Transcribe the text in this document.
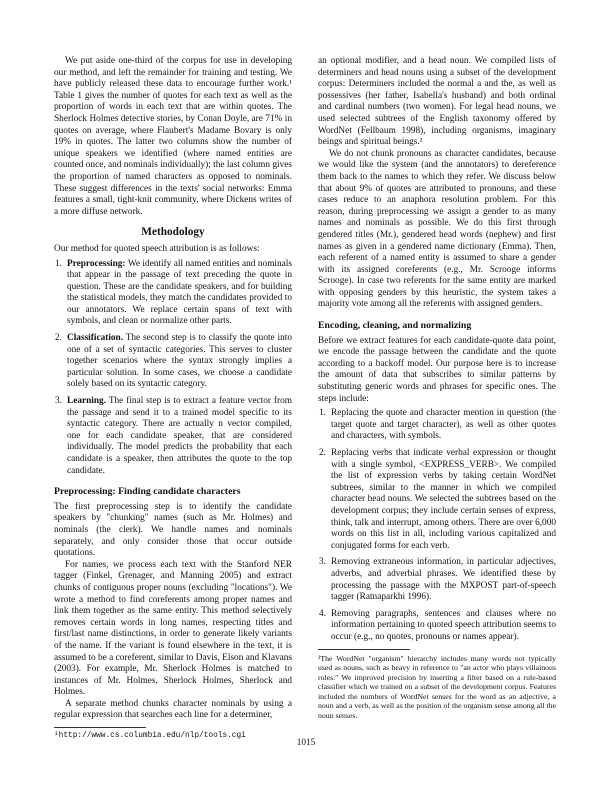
We put aside one-third of the corpus for use in developing our method, and left the remainder for training and testing. We have publicly released these data to encourage further work.¹ Table 1 gives the number of quotes for each text as well as the proportion of words in each text that are within quotes. The Sherlock Holmes detective stories, by Conan Doyle, are 71% in quotes on average, where Flaubert's Madame Bovary is only 19% in quotes. The latter two columns show the number of unique speakers we identified (where named entities are counted once, and nominals individually); the last column gives the proportion of named characters as opposed to nominals. These suggest differences in the texts' social networks: Emma features a small, tight-knit community, where Dickens writes of a more diffuse network.

Methodology

Our method for quoted speech attribution is as follows:

1. Preprocessing: We identify all named entities and nominals that appear in the passage of text preceding the quote in question. These are the candidate speakers, and for building the statistical models, they match the candidates provided to our annotators. We replace certain spans of text with symbols, and clean or normalize other parts.
2. Classification. The second step is to classify the quote into one of a set of syntactic categories. This serves to cluster together scenarios where the syntax strongly implies a particular solution. In some cases, we choose a candidate solely based on its syntactic category.
3. Learning. The final step is to extract a feature vector from the passage and send it to a trained model specific to its syntactic category. There are actually n vector compiled, one for each candidate speaker, that are considered individually. The model predicts the probability that each candidate is a speaker, then attributes the quote to the top candidate.
Preprocessing: Finding candidate characters

The first preprocessing step is to identify the candidate speakers by "chunking" names (such as Mr. Holmes) and nominals (the clerk). We handle names and nominals separately, and only consider those that occur outside quotations.

For names, we process each text with the Stanford NER tagger (Finkel, Grenager, and Manning 2005) and extract chunks of contiguous proper nouns (excluding "locations"). We wrote a method to find coreferents among proper names and link them together as the same entity. This method selectively removes certain words in long names, respecting titles and first/last name distinctions, in order to generate likely variants of the name. If the variant is found elsewhere in the text, it is assumed to be a coreferent, similar to Davis, Elson and Klavans (2003). For example, Mr. Sherlock Holmes is matched to instances of Mr. Holmes, Sherlock Holmes, Sherlock and Holmes.

A separate method chunks character nominals by using a regular expression that searches each line for a determiner,

¹http://www.cs.columbia.edu/nlp/tools.cgi

an optional modifier, and a head noun. We compiled lists of determiners and head nouns using a subset of the development corpus: Determiners included the normal a and the, as well as possessives (her father, Isabella's husband) and both ordinal and cardinal numbers (two women). For legal head nouns, we used selected subtrees of the English taxonomy offered by WordNet (Fellbaum 1998), including organisms, imaginary beings and spiritual beings.²

We do not chunk pronouns as character candidates, because we would like the system (and the annotators) to dereference them back to the names to which they refer. We discuss below that about 9% of quotes are attributed to pronouns, and these cases reduce to an anaphora resolution problem. For this reason, during preprocessing we assign a gender to as many names and nominals as possible. We do this first through gendered titles (Mr.), gendered head words (nephew) and first names as given in a gendered name dictionary (Emma). Then, each referent of a named entity is assumed to share a gender with its assigned coreferents (e.g., Mr. Scrooge informs Scrooge). In case two referents for the same entity are marked with opposing genders by this heuristic, the system takes a majority vote among all the referents with assigned genders.

Encoding, cleaning, and normalizing

Before we extract features for each candidate-quote data point, we encode the passage between the candidate and the quote according to a backoff model. Our purpose here is to increase the amount of data that subscribes to similar patterns by substituting generic words and phrases for specific ones. The steps include:

1. Replacing the quote and character mention in question (the target quote and target character), as well as other quotes and characters, with symbols.
2. Replacing verbs that indicate verbal expression or thought with a single symbol, <EXPRESS_VERB>. We compiled the list of expression verbs by taking certain WordNet subtrees, similar to the manner in which we compiled character head nouns. We selected the subtrees based on the development corpus; they include certain senses of express, think, talk and interrupt, among others. There are over 6,000 words on this list in all, including various capitalized and conjugated forms for each verb.
3. Removing extraneous information, in particular adjectives, adverbs, and adverbial phrases. We identified these by processing the passage with the MXPOST part-of-speech tagger (Ratnaparkhi 1996).
4. Removing paragraphs, sentences and clauses where no information pertaining to quoted speech attribution seems to occur (e.g., no quotes, pronouns or names appear).

²The WordNet "organism" hierarchy includes many words not typically used as nouns, such as heavy in reference to "an actor who plays villainous roles." We improved precision by inserting a filter based on a rule-based classifier which we trained on a subset of the development corpus. Features included the numbers of WordNet senses for the word as an adjective, a noun and a verb, as well as the position of the organism sense among all the noun senses.

1015
